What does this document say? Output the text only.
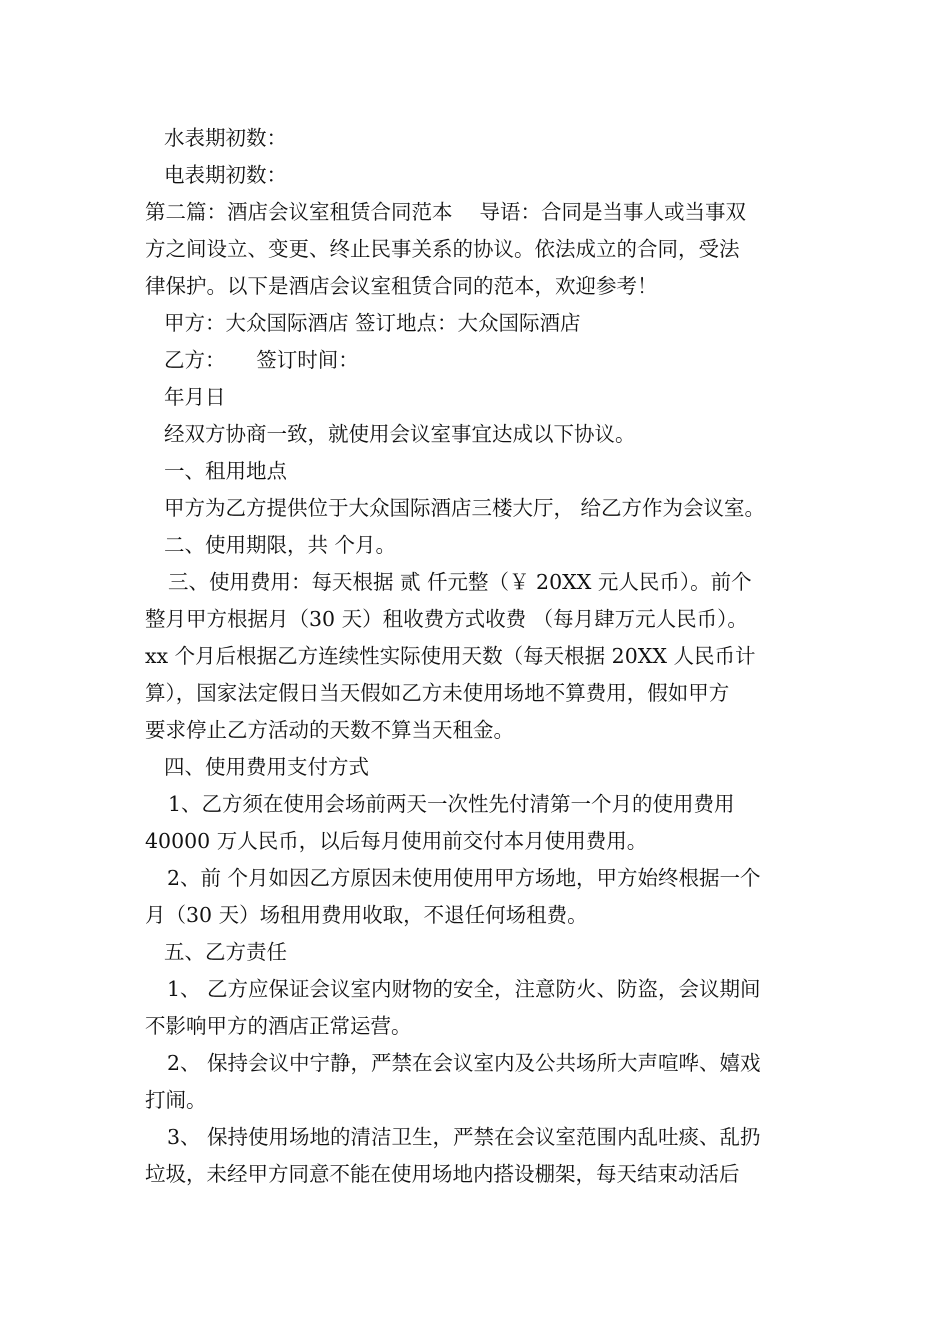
水表期初数：
电表期初数：
第二篇：酒店会议室租赁合同范本　 导语：合同是当事人或当事双
方之间设立、变更、终止民事关系的协议。依法成立的合同，受法
律保护。以下是酒店会议室租赁合同的范本，欢迎参考！
甲方：大众国际酒店 签订地点：大众国际酒店
乙方：　　签订时间：
年月日
经双方协商一致，就使用会议室事宜达成以下协议。
一、租用地点
甲方为乙方提供位于大众国际酒店三楼大厅， 给乙方作为会议室。
二、使用期限，共 个月。
三、使用费用：每天根据 贰 仟元整（￥ 20XX 元人民币）。前个
整月甲方根据月（30 天）租收费方式收费 （每月肆万元人民币）。
xx 个月后根据乙方连续性实际使用天数（每天根据 20XX 人民币计
算），国家法定假日当天假如乙方未使用场地不算费用，假如甲方
要求停止乙方活动的天数不算当天租金。
四、使用费用支付方式
1、乙方须在使用会场前两天一次性先付清第一个月的使用费用
40000 万人民币，以后每月使用前交付本月使用费用。
2、前 个月如因乙方原因未使用使用甲方场地，甲方始终根据一个
月（30 天）场租用费用收取，不退任何场租费。
五、乙方责任
1、 乙方应保证会议室内财物的安全，注意防火、防盗，会议期间
不影响甲方的酒店正常运营。
2、 保持会议中宁静，严禁在会议室内及公共场所大声喧哗、嬉戏
打闹。
3、 保持使用场地的清洁卫生，严禁在会议室范围内乱吐痰、乱扔
垃圾，未经甲方同意不能在使用场地内搭设棚架，每天结束动活后
